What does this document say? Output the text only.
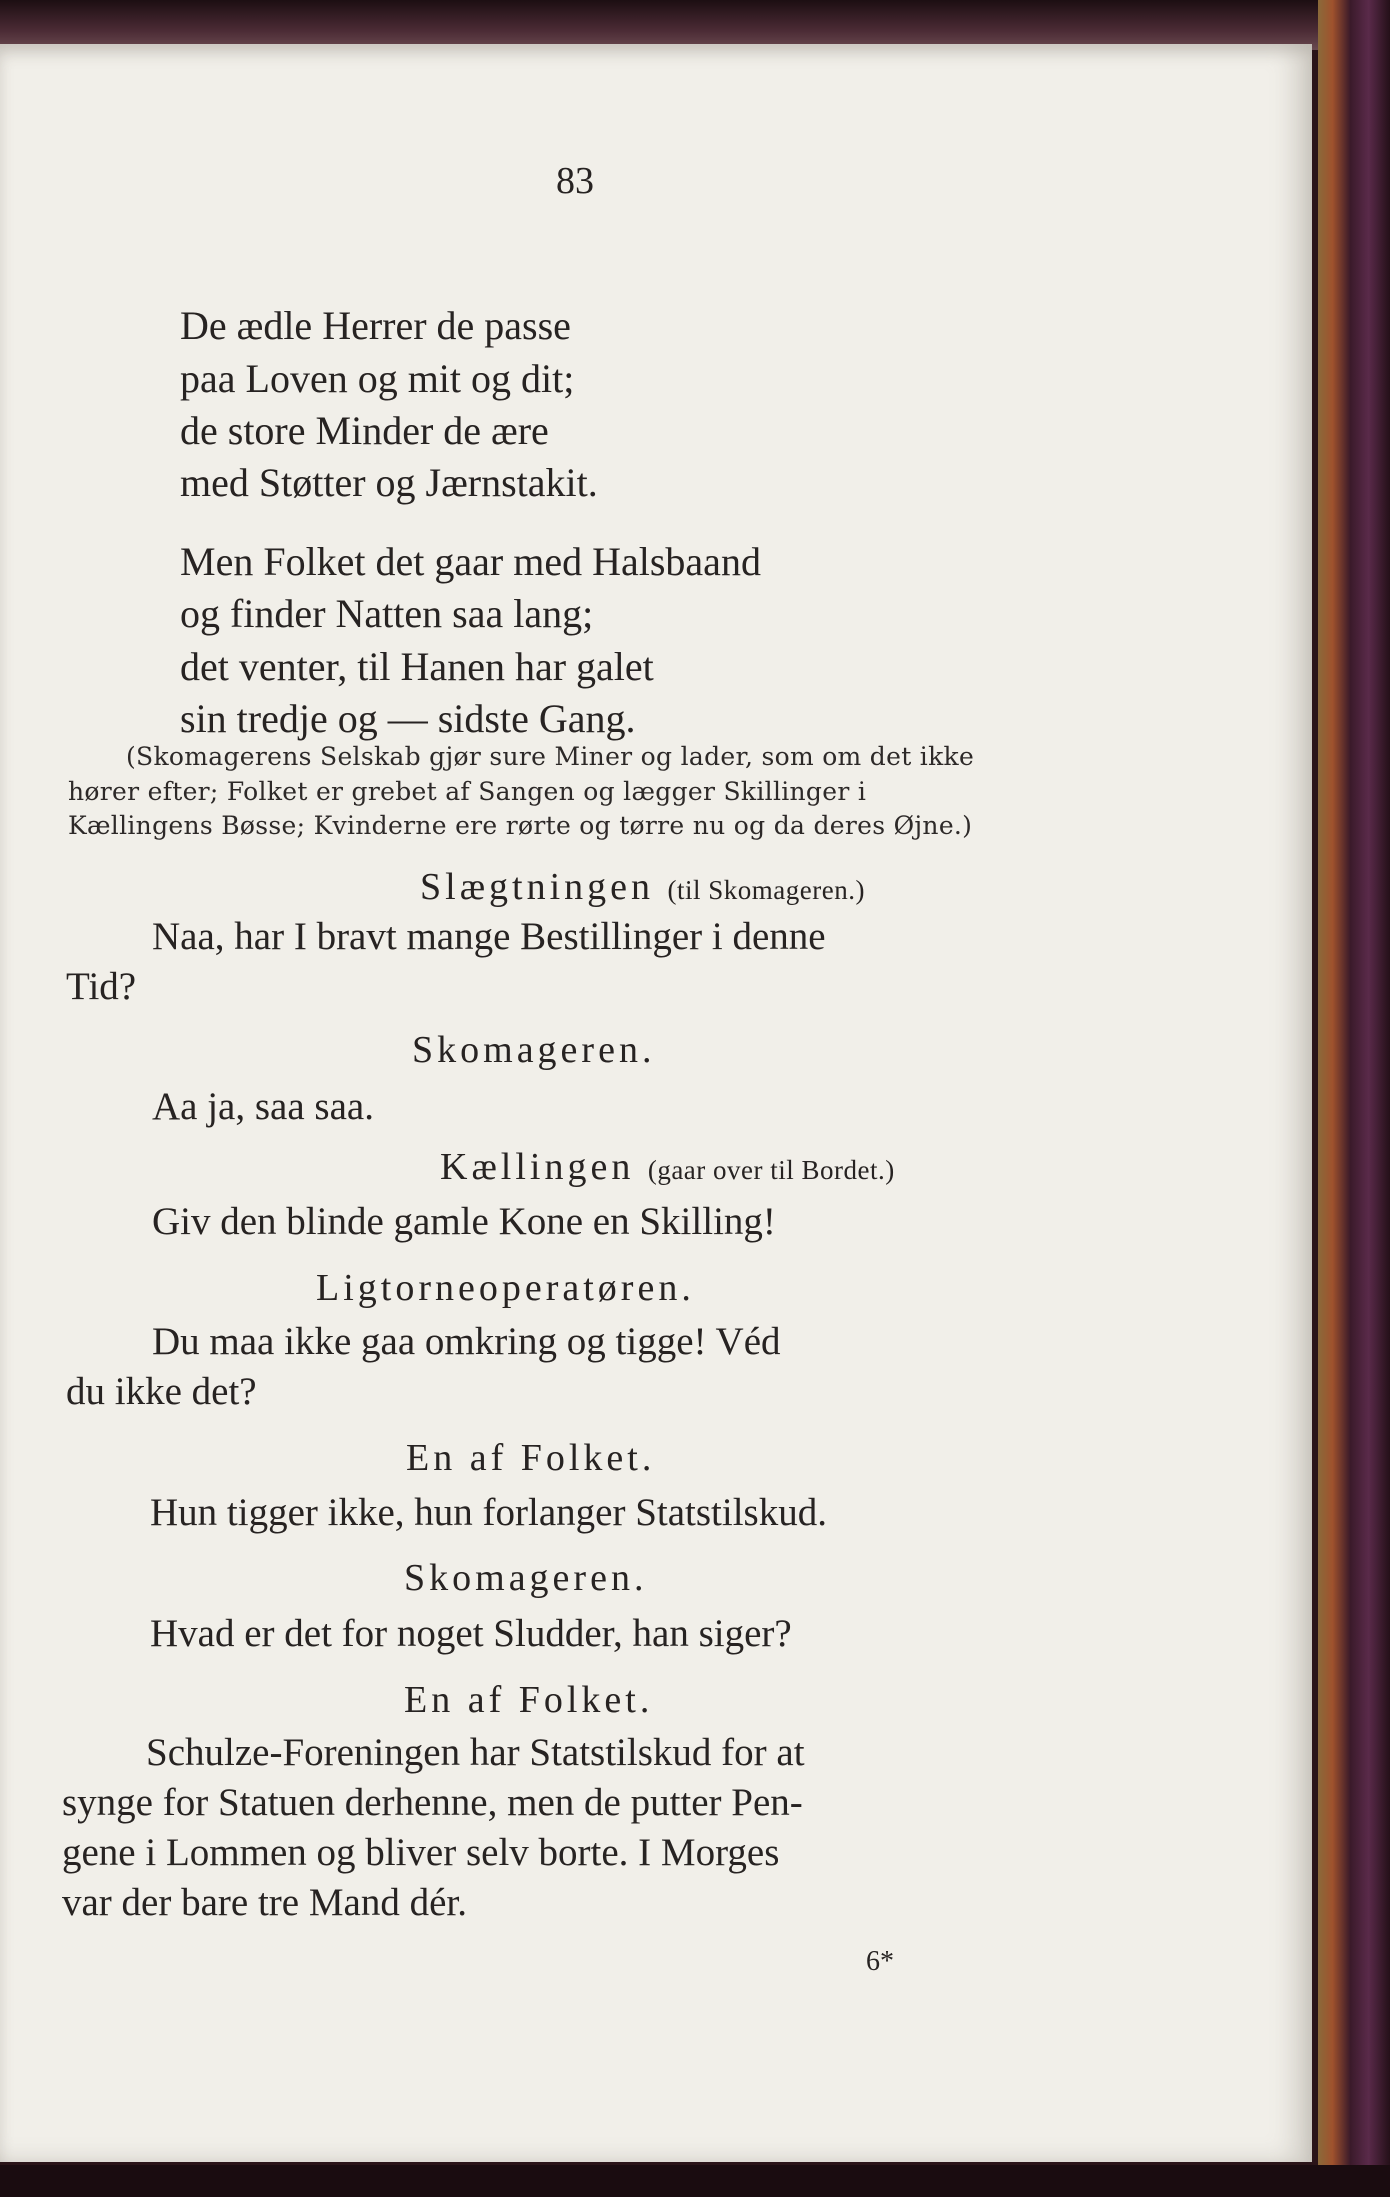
83
De ædle Herrer de passe
paa Loven og mit og dit;
de store Minder de ære
med Støtter og Jærnstakit.
Men Folket det gaar med Halsbaand
og finder Natten saa lang;
det venter, til Hanen har galet
sin tredje og — sidste Gang.
(Skomagerens Selskab gjør sure Miner og lader, som om det ikke
hører efter; Folket er grebet af Sangen og lægger Skillinger i
Kællingens Bøsse; Kvinderne ere rørte og tørre nu og da deres Øjne.)
Slægtningen (til Skomageren.)
Naa, har I bravt mange Bestillinger i denne
Tid?
Skomageren.
Aa ja, saa saa.
Kællingen (gaar over til Bordet.)
Giv den blinde gamle Kone en Skilling!
Ligtorneoperatøren.
Du maa ikke gaa omkring og tigge! Véd
du ikke det?
En af Folket.
Hun tigger ikke, hun forlanger Statstilskud.
Skomageren.
Hvad er det for noget Sludder, han siger?
En af Folket.
Schulze-Foreningen har Statstilskud for at
synge for Statuen derhenne, men de putter Pen-
gene i Lommen og bliver selv borte. I Morges
var der bare tre Mand dér.
6*
